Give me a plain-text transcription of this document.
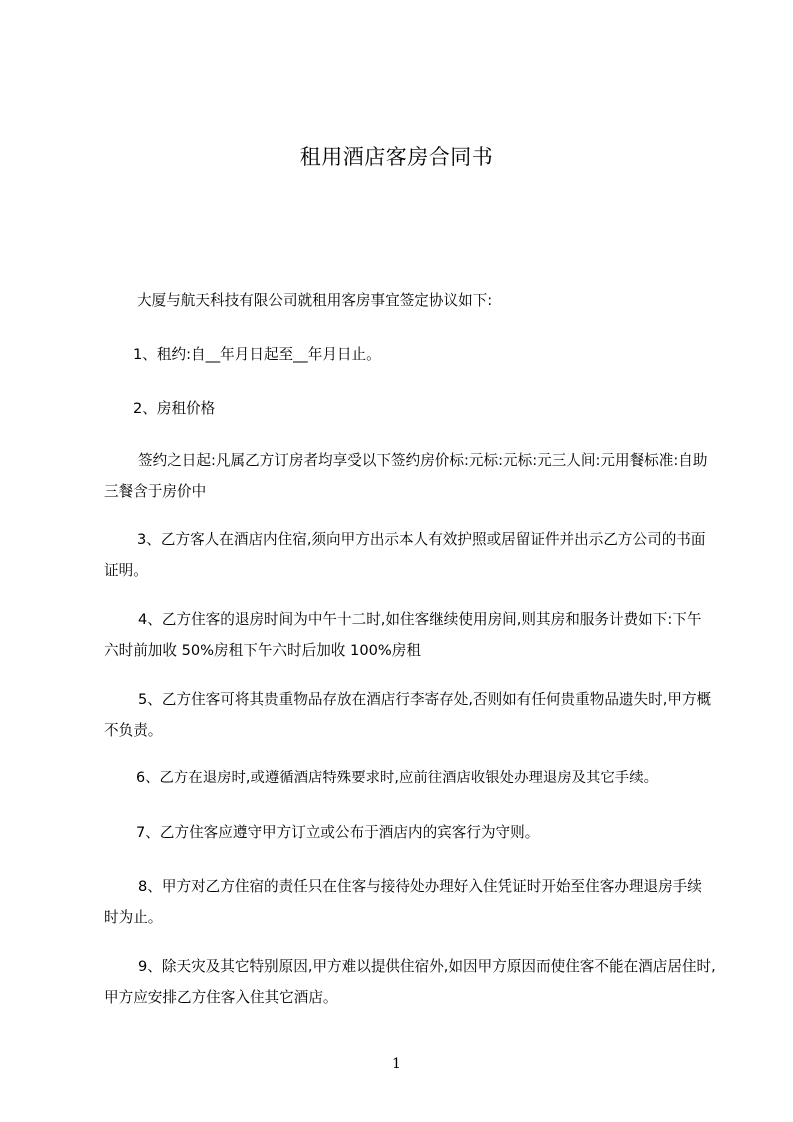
租用酒店客房合同书

大厦与航天科技有限公司就租用客房事宜签定协议如下:

1、租约:自__年月日起至__年月日止。

2、房租价格

签约之日起:凡属乙方订房者均享受以下签约房价标:元标:元标:元三人间:元用餐标准:自助三餐含于房价中

3、乙方客人在酒店内住宿,须向甲方出示本人有效护照或居留证件并出示乙方公司的书面证明。

4、乙方住客的退房时间为中午十二时,如住客继续使用房间,则其房和服务计费如下:下午六时前加收 50%房租下午六时后加收 100%房租

5、乙方住客可将其贵重物品存放在酒店行李寄存处,否则如有任何贵重物品遗失时,甲方概不负责。

6、乙方在退房时,或遵循酒店特殊要求时,应前往酒店收银处办理退房及其它手续。

7、乙方住客应遵守甲方订立或公布于酒店内的宾客行为守则。

8、甲方对乙方住宿的责任只在住客与接待处办理好入住凭证时开始至住客办理退房手续时为止。

9、除天灾及其它特别原因,甲方难以提供住宿外,如因甲方原因而使住客不能在酒店居住时,甲方应安排乙方住客入住其它酒店。

1
